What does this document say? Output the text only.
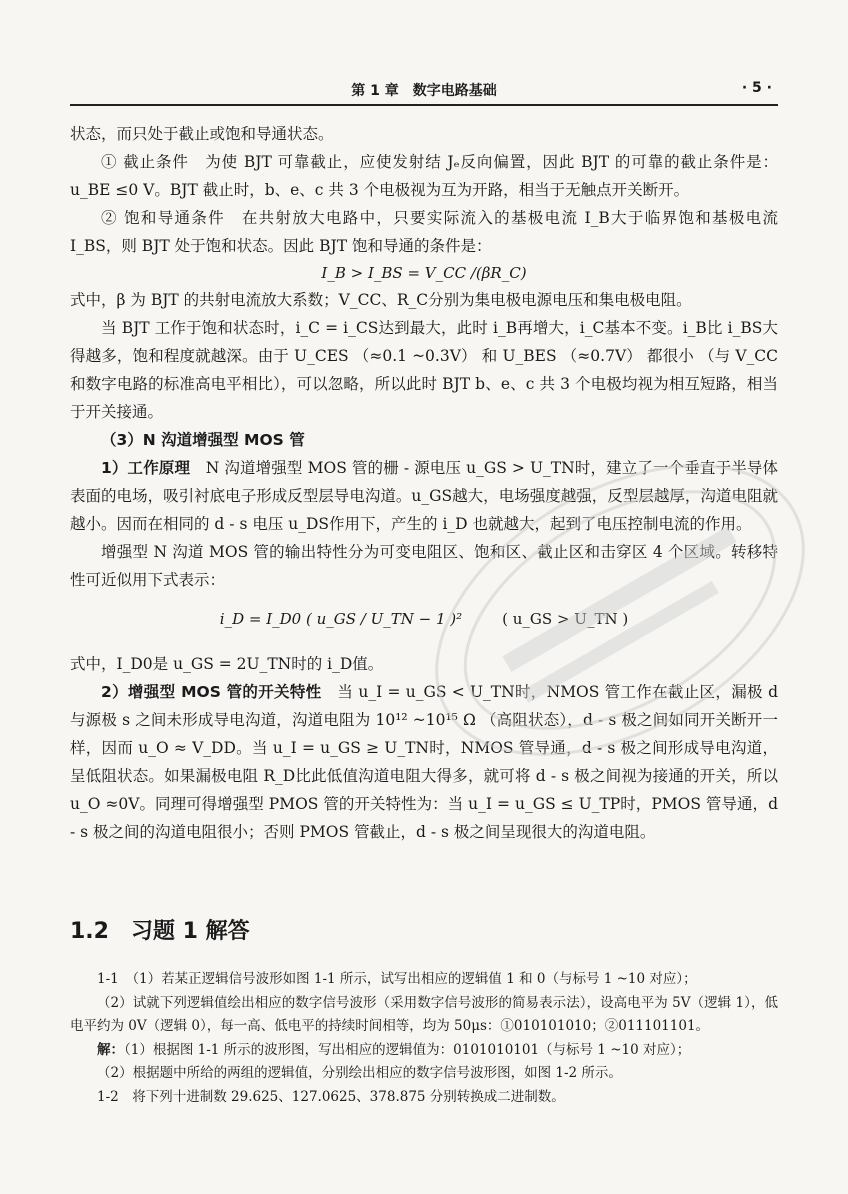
第 1 章　数字电路基础	· 5 ·

状态，而只处于截止或饱和导通状态。

① 截止条件　为使 BJT 可靠截止，应使发射结 Jₑ反向偏置，因此 BJT 的可靠的截止条件是：u_BE ≤0 V。BJT 截止时，b、e、c 共 3 个电极视为互为开路，相当于无触点开关断开。

② 饱和导通条件　在共射放大电路中，只要实际流入的基极电流 I_B大于临界饱和基极电流 I_BS，则 BJT 处于饱和状态。因此 BJT 饱和导通的条件是：

I_B > I_BS = V_CC /(βR_C)

式中，β 为 BJT 的共射电流放大系数；V_CC、R_C分别为集电极电源电压和集电极电阻。

当 BJT 工作于饱和状态时，i_C = i_CS达到最大，此时 i_B再增大，i_C基本不变。i_B比 i_BS大得越多，饱和程度就越深。由于 U_CES （≈0.1 ~0.3V） 和 U_BES （≈0.7V） 都很小 （与 V_CC和数字电路的标准高电平相比），可以忽略，所以此时 BJT b、e、c 共 3 个电极均视为相互短路，相当于开关接通。

（3）N 沟道增强型 MOS 管

1）工作原理　N 沟道增强型 MOS 管的栅 - 源电压 u_GS > U_TN时，建立了一个垂直于半导体表面的电场，吸引衬底电子形成反型层导电沟道。u_GS越大，电场强度越强，反型层越厚，沟道电阻就越小。因而在相同的 d - s 电压 u_DS作用下，产生的 i_D 也就越大，起到了电压控制电流的作用。

增强型 N 沟道 MOS 管的输出特性分为可变电阻区、饱和区、截止区和击穿区 4 个区域。转移特性可近似用下式表示：

i_D = I_D0 ( u_GS / U_TN − 1 )²	( u_GS > U_TN )

式中，I_D0是 u_GS = 2U_TN时的 i_D值。

2）增强型 MOS 管的开关特性　当 u_I = u_GS < U_TN时，NMOS 管工作在截止区，漏极 d 与源极 s 之间未形成导电沟道，沟道电阻为 10¹² ~10¹⁵ Ω （高阻状态），d - s 极之间如同开关断开一样，因而 u_O ≈ V_DD。当 u_I = u_GS ≥ U_TN时，NMOS 管导通，d - s 极之间形成导电沟道，呈低阻状态。如果漏极电阻 R_D比此低值沟道电阻大得多，就可将 d - s 极之间视为接通的开关，所以 u_O ≈0V。同理可得增强型 PMOS 管的开关特性为：当 u_I = u_GS ≤ U_TP时，PMOS 管导通，d - s 极之间的沟道电阻很小；否则 PMOS 管截止，d - s 极之间呈现很大的沟道电阻。

1.2　习题 1 解答

1-1　（1）若某正逻辑信号波形如图 1-1 所示，试写出相应的逻辑值 1 和 0（与标号 1 ~10 对应）；

（2）试就下列逻辑值绘出相应的数字信号波形（采用数字信号波形的简易表示法），设高电平为 5V（逻辑 1），低电平约为 0V（逻辑 0），每一高、低电平的持续时间相等，均为 50μs：①010101010；②011101101。

解：（1）根据图 1-1 所示的波形图，写出相应的逻辑值为：0101010101（与标号 1 ~10 对应）；

（2）根据题中所给的两组的逻辑值，分别绘出相应的数字信号波形图，如图 1-2 所示。

1-2　将下列十进制数 29.625、127.0625、378.875 分别转换成二进制数。
